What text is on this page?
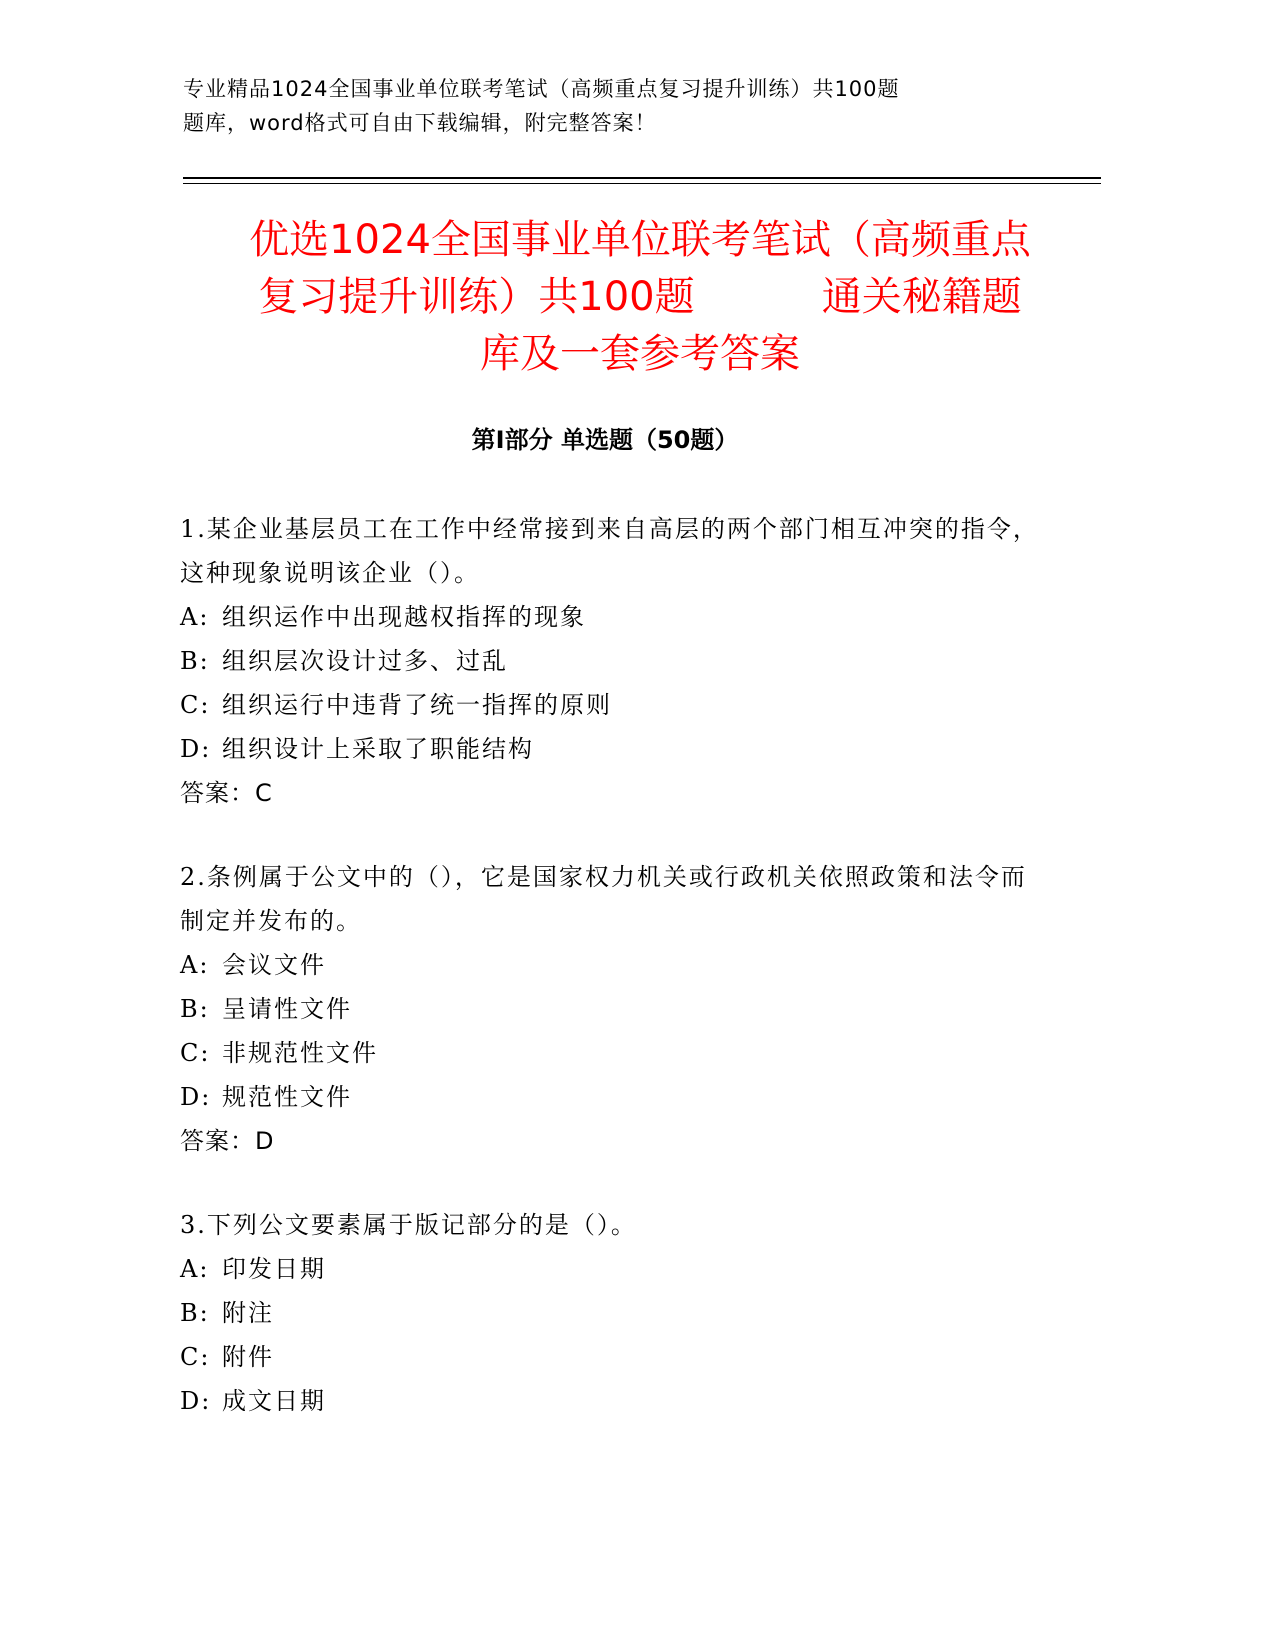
专业精品1024全国事业单位联考笔试（高频重点复习提升训练）共100题
题库，word格式可自由下载编辑，附完整答案！
优选1024全国事业单位联考笔试（高频重点
复习提升训练）共100题          通关秘籍题
库及一套参考答案
第Ⅰ部分 单选题（50题）
1.某企业基层员工在工作中经常接到来自高层的两个部门相互冲突的指令，这种现象说明该企业（）。
A: 组织运作中出现越权指挥的现象
B: 组织层次设计过多、过乱
C: 组织运行中违背了统一指挥的原则
D: 组织设计上采取了职能结构
答案：C
2.条例属于公文中的（），它是国家权力机关或行政机关依照政策和法令而制定并发布的。
A: 会议文件
B: 呈请性文件
C: 非规范性文件
D: 规范性文件
答案：D
3.下列公文要素属于版记部分的是（）。
A: 印发日期
B: 附注
C: 附件
D: 成文日期
